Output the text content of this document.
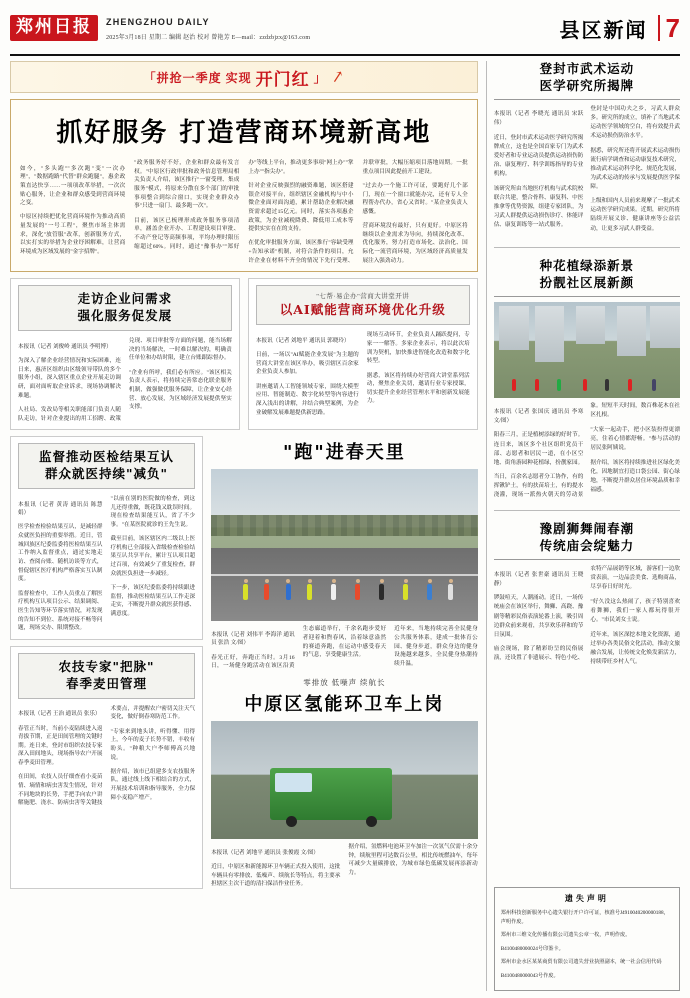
郑州日报	ZHENGZHOU DAILY
2025年3月18日 星期二 编辑 赵治 校对 曾艳芳 E—mail：zzdzbjzx@163.com	县区新闻 7
「拼抢一季度 实现 开门红 」 ↗
抓好服务 打造营商环境新高地

如今，"多头跑""多次跑"变"一次办理"，"数据跑路"代替"群众跑腿"，惠企政策直达快享……一项项改革举措，一次次贴心服务，让企业和群众感受到营商环境之变。

中原区持续把优化营商环境作为推动高质量发展的"一号工程"，聚焦市场主体需求，深化"放管服"改革，创新服务方式，以实打实的举措为企业纾困解难，让营商环境成为区域发展的"金字招牌"。

"政务服务好不好，企业和群众最有发言权。"中原区行政审批和政务信息管理局相关负责人介绍，该区推行"一窗受理、集成服务"模式，将原来分散在多个部门的审批事项整合到综合窗口，实现企业群众办事"只进一扇门、最多跑一次"。

目前，该区已梳理形成政务服务事项清单，涵盖企业开办、工程建设项目审批、不动产登记等高频事项，平均办理时限压缩超过60%。同时，通过"豫事办""郑好办"等线上平台，推动更多事项"网上办""掌上办""指尖办"。

针对企业反映强烈的融资难题，该区搭建银企对接平台，组织辖区金融机构与中小微企业面对面沟通，累计帮助企业解决融资需求超过15亿元。同时，落实各项惠企政策，为企业减税降费、降低用工成本等提供实实在在的支持。

在优化审批服务方面，该区推行"容缺受理+告知承诺"机制，对符合条件的项目，允许企业在材料不齐全的情况下先行受理、并联审批，大幅压缩项目落地周期。一批重点项目因此提前开工建设。

"过去办一个施工许可证，要跑好几个部门，现在一个窗口就能办完，还有专人全程帮办代办，省心又省时。"某企业负责人感慨。

营商环境没有最好，只有更好。中原区将继续以企业需求为导向，持续深化改革、优化服务，努力打造市场化、法治化、国际化一流营商环境，为区域经济高质量发展注入强劲动力。

走访企业问需求
强化服务促发展

本报讯（记者 刘俊岭 通讯员 李明博）

为深入了解企业经营情况和实际困难，连日来，惠济区组织由区级领导带队的多个服务小组，深入辖区重点企业开展走访调研，面对面听取企业诉求，现场协调解决难题。

人社局、发改局等相关职能部门负责人随队走访，针对企业提出的用工招聘、政策兑现、项目审批等方面的问题，能当场解决的当场解决，一时难以解决的，明确责任单位和办结时限，建立台账跟踪督办。

"企业有所呼，我们必有所应。"该区相关负责人表示，将持续完善常态化联企服务机制，做强做优服务保障，让企业安心经营、放心发展，为区域经济发展提供坚实支撑。

"七帮·易企办"营商大讲堂开讲
以AI赋能营商环境优化升级

本报讯（记者 刘地平 通讯员 郭晓玲）

日前，一场以"AI赋能企业发展"为主题的营商大讲堂在该区举办，吸引辖区百余家企业负责人参加。

讲座邀请人工智能领域专家，围绕大模型应用、智能制造、数字化转型等内容进行深入浅出的讲解，并结合典型案例，为企业破解发展难题提供新思路。

现场互动环节，企业负责人踊跃提问，专家一一解答。多家企业表示，将以此次培训为契机，加快推进智能化改造和数字化转型。

据悉，该区将持续办好营商大讲堂系列活动，聚焦企业关切，邀请行业专家授课，切实提升企业经营管理水平和创新发展能力。

监督推动医检结果互认
群众就医持续"减负"

本报讯（记者 黄涛 通讯员 陈慧娟）

医学检查检验结果互认，是减轻群众就医负担的重要举措。近日，管城回族区纪委监委将医检结果互认工作纳入监督重点，通过实地走访、查阅台账、随机访谈等方式，督促辖区医疗机构严格落实互认制度。

监督检查中，工作人员重点了解医疗机构互认项目公示、结果调阅、医生告知等环节落实情况，对发现的告知不到位、系统对接不畅等问题，现场交办、限期整改。

"以前在别的医院做的检查，到这儿还得重做，既花钱又耽误时间。现在检查结果能互认，省了不少事。"在某医院就诊的王先生说。

截至目前，该区辖区内二级以上医疗机构已全部接入省级检查检验结果互认共享平台，累计互认项目超过百项，有效减少了重复检查，群众就医负担进一步减轻。

下一步，该区纪委监委将持续跟进监督，推动医检结果互认工作走深走实，不断提升群众就医获得感、满意度。

农技专家"把脉"
春季麦田管理

本报讯（记者 王治 通讯员 张乐）

春管正当时，当前小麦陆续进入返青拔节期，正是田间管理的关键时期。连日来，登封市组织农技专家深入田间地头，现场指导农户开展春季麦田管理。

在田间，农技人员仔细查看小麦苗情、墒情和病虫害发生情况，针对不同地块的长势，手把手向农户讲解施肥、浇水、防病虫害等关键技术要点，并提醒农户密切关注天气变化，做好倒春寒防范工作。

"专家来到地头讲，听得懂、用得上，今年的麦子长势不错，丰收有盼头。"种粮大户李师傅高兴地说。

据介绍，该市已组建多支农技服务队，通过线上线下相结合的方式，开展技术培训和指导服务，全力保障小麦稳产增产。

"跑"进春天里

本报讯（记者 刘伟平 李海洋 通讯员 张浩 文/图）

春光正好，奔跑正当时。3月16日，一场健身跑活动在该区沿黄生态廊道举行，千余名跑步爱好者迎着和煦春风，沿着绿意盎然的赛道奔跑，在运动中感受春天的气息，享受健康生活。

近年来，当地持续完善全民健身公共服务体系，建成一批体育公园、健身步道，群众身边的健身设施越来越多，全民健身热潮持续升温。

零排放 低噪声 续航长
中原区氢能环卫车上岗

本报讯（记者 刘地平 通讯员 张俊霞 文/图）

近日，中原区和新能源环卫车辆正式投入使用，这批车辆具有零排放、低噪声、续航长等特点，将主要承担辖区主次干道的清扫保洁作业任务。

据介绍，氢燃料电池环卫车加注一次氢气仅需十余分钟，续航里程可达数百公里，相比传统燃油车，每年可减少大量碳排放，为城市绿色低碳发展再添新动力。

登封市武术运动
医学研究所揭牌

本报讯（记者 李晓光 通讯员 宋跃伟）

近日，登封市武术运动医学研究所揭牌成立，这也是全国首家专门为武术爱好者和专业运动员提供运动损伤防治、康复理疗、科学训练指导的专业机构。

该研究所由当地医疗机构与武术院校联合共建，整合骨科、康复科、中医推拿等优势资源，组建专家团队，为习武人群提供运动损伤诊疗、体能评估、康复训练等一站式服务。

登封是中国功夫之乡，习武人群众多。研究所的成立，填补了当地武术运动医学领域的空白，将有效提升武术运动损伤防治水平。

据悉，研究所还将开展武术运动损伤流行病学调查和运动康复技术研究，推动武术运动科学化、规范化发展，为武术运动的传承与发展提供医学保障。

上级和国内人员前来观摩了一批武术运动医学研究成果。近期，研究所将陆续开展义诊、健康讲座等公益活动，让更多习武人群受益。

种花植绿添新景
扮靓社区展新颜

本报讯（记者 张国庆 通讯员 李寒 文/图）

阳春三月，正是植树添绿的好时节。连日来，该区多个社区组织党员干部、志愿者和居民一道，在小区空地、街角游园种花植绿，扮靓家园。

当日，百余名志愿者分工协作，有的挥锹铲土，有的扶苗培土，有的提水浇灌，现场一派热火朝天的劳动景象。短短半天时间，数百株花木在社区扎根。

"大家一起动手，把小区装扮得更漂亮，住着心情都舒畅。"参与活动的居民张阿姨说。

据介绍，该区将持续推进社区绿化美化，因地制宜打造口袋公园、街心绿地，不断提升群众居住环境品质和幸福感。

豫剧狮舞闹春潮
传统庙会绽魅力

本报讯（记者 张世豪 通讯员 王晓静）

锣鼓喧天，人潮涌动。近日，一场传统庙会在该区举行，舞狮、高跷、豫剧等精彩民俗表演轮番上演，吸引周边群众前来观看，共享欢乐祥和的节日氛围。

庙会现场，除了精彩纷呈的民俗展演，还设置了非遗展示、特色小吃、农特产品展销等区域，游客们一边欣赏表演，一边品尝美食、选购商品，尽享春日好时光。

"好久没这么热闹了，孩子特别喜欢看舞狮，我们一家人都玩得很开心。"市民刘女士说。

近年来，该区深挖本地文化资源，通过举办各类民俗文化活动，推动文旅融合发展，让传统文化焕发新活力，持续带旺乡村人气。

遗失声明

郑州科技创新服务中心遗失银行开户许可证，核准号J4910040200000188，声明作废。

郑州市三维文化传播有限公司遗失公章一枚，声明作废。

B4100480000024号印鉴卡。

郑州市金水区某某商贸有限公司遗失营业执照副本，统一社会信用代码

B4100480000043号作废。
